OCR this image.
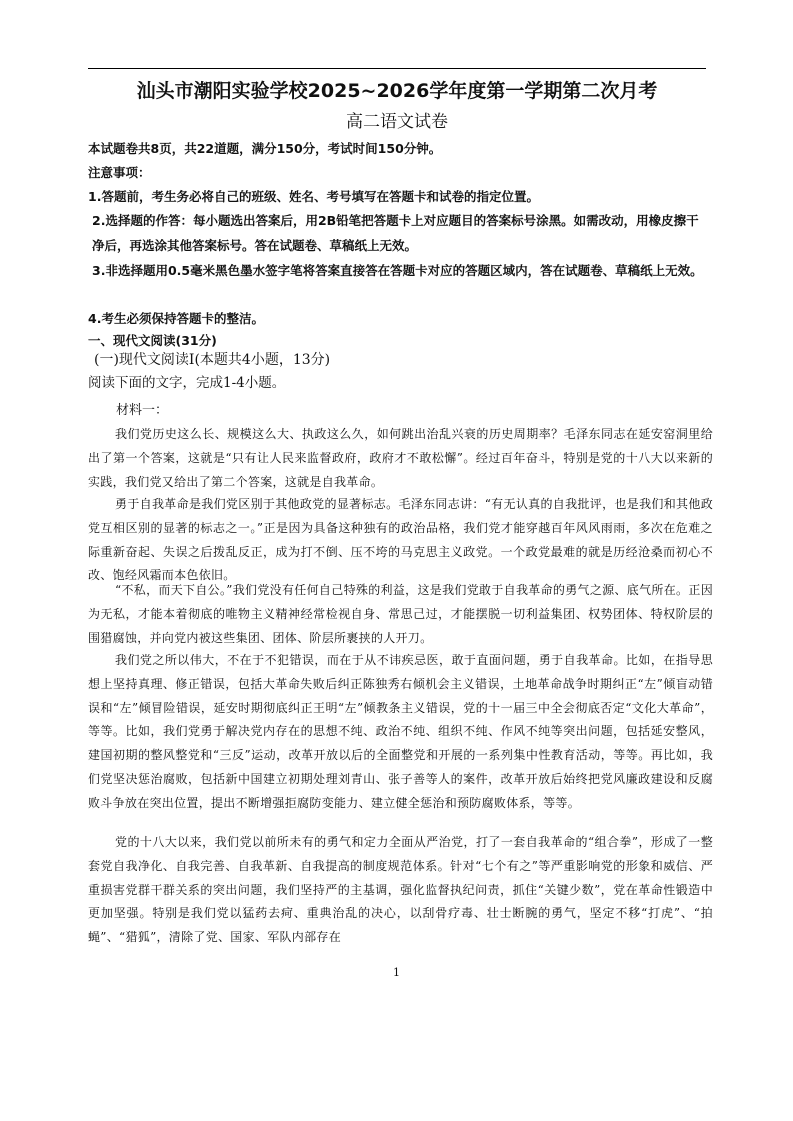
汕头市潮阳实验学校2025~2026学年度第一学期第二次月考
高二语文试卷
本试题卷共8页，共22道题，满分150分，考试时间150分钟。
注意事项：
1.答题前，考生务必将自己的班级、姓名、考号填写在答题卡和试卷的指定位置。
2.选择题的作答：每小题选出答案后，用2B铅笔把答题卡上对应题目的答案标号涂黑。如需改动，用橡皮擦干净后，再选涂其他答案标号。答在试题卷、草稿纸上无效。
3.非选择题用0.5毫米黑色墨水签字笔将答案直接答在答题卡对应的答题区域内，答在试题卷、草稿纸上无效。
4.考生必须保持答题卡的整洁。
一、现代文阅读(31分)
(一)现代文阅读Ⅰ(本题共4小题，13分)
阅读下面的文字，完成1-4小题。
材料一：
我们党历史这么长、规模这么大、执政这么久，如何跳出治乱兴衰的历史周期率？毛泽东同志在延安窑洞里给出了第一个答案，这就是“只有让人民来监督政府，政府才不敢松懈”。经过百年奋斗，特别是党的十八大以来新的实践，我们党又给出了第二个答案，这就是自我革命。
勇于自我革命是我们党区别于其他政党的显著标志。毛泽东同志讲：“有无认真的自我批评，也是我们和其他政党互相区别的显著的标志之一。”正是因为具备这种独有的政治品格，我们党才能穿越百年风风雨雨，多次在危难之际重新奋起、失误之后拨乱反正，成为打不倒、压不垮的马克思主义政党。一个政党最难的就是历经沧桑而初心不改、饱经风霜而本色依旧。
“不私，而天下自公。”我们党没有任何自己特殊的利益，这是我们党敢于自我革命的勇气之源、底气所在。正因为无私，才能本着彻底的唯物主义精神经常检视自身、常思己过，才能摆脱一切利益集团、权势团体、特权阶层的围猎腐蚀，并向党内被这些集团、团体、阶层所裹挟的人开刀。
我们党之所以伟大，不在于不犯错误，而在于从不讳疾忌医，敢于直面问题，勇于自我革命。比如，在指导思想上坚持真理、修正错误，包括大革命失败后纠正陈独秀右倾机会主义错误，土地革命战争时期纠正“左”倾盲动错误和“左”倾冒险错误，延安时期彻底纠正王明“左”倾教条主义错误，党的十一届三中全会彻底否定“文化大革命”，等等。比如，我们党勇于解决党内存在的思想不纯、政治不纯、组织不纯、作风不纯等突出问题，包括延安整风，建国初期的整风整党和“三反”运动，改革开放以后的全面整党和开展的一系列集中性教育活动，等等。再比如，我们党坚决惩治腐败，包括新中国建立初期处理刘青山、张子善等人的案件，改革开放后始终把党风廉政建设和反腐败斗争放在突出位置，提出不断增强拒腐防变能力、建立健全惩治和预防腐败体系，等等。
党的十八大以来，我们党以前所未有的勇气和定力全面从严治党，打了一套自我革命的“组合拳”，形成了一整套党自我净化、自我完善、自我革新、自我提高的制度规范体系。针对“七个有之”等严重影响党的形象和威信、严重损害党群干群关系的突出问题，我们坚持严的主基调，强化监督执纪问责，抓住“关键少数”，党在革命性锻造中更加坚强。特别是我们党以猛药去疴、重典治乱的决心，以刮骨疗毒、壮士断腕的勇气，坚定不移“打虎”、“拍蝇”、“猎狐”，清除了党、国家、军队内部存在
1
